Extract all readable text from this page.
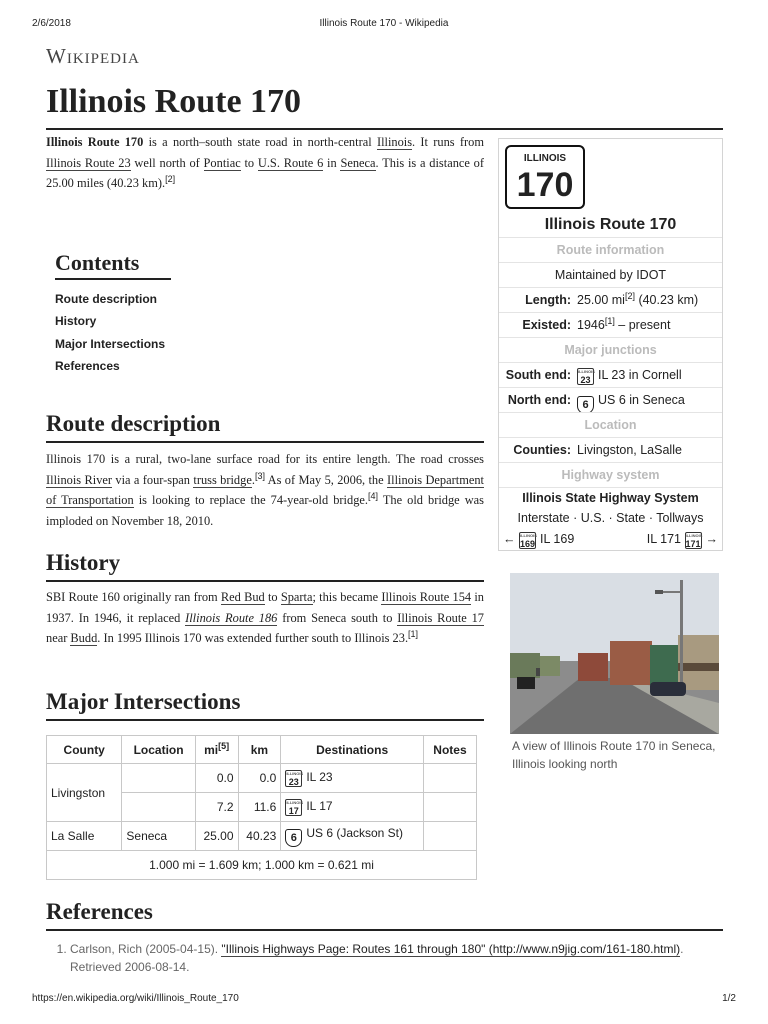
2/6/2018	Illinois Route 170 - Wikipedia
Wikipedia
Illinois Route 170

Illinois Route 170 is a north–south state road in north-central Illinois. It runs from Illinois Route 23 well north of Pontiac to U.S. Route 6 in Seneca. This is a distance of 25.00 miles (40.23 km).[2]

Contents
Route description
History
Major Intersections
References
ILLINOIS
170
Illinois Route 170
Route information
Maintained by IDOT
Length: 25.00 mi[2] (40.23 km)
Existed: 1946[1] – present
Major junctions
South end:	ILLINOIS
23 IL 23 in Cornell
North end:	6 US 6 in Seneca
Location
Counties: Livingston, LaSalle
Highway system
Illinois State Highway System
Interstate · U.S. · State · Tollways
← ILLINOIS
169 IL 169	IL 171 ILLINOIS
171 →
Route description

Illinois 170 is a rural, two-lane surface road for its entire length. The road crosses Illinois River via a four-span truss bridge.[3] As of May 5, 2006, the Illinois Department of Transportation is looking to replace the 74-year-old bridge.[4] The old bridge was imploded on November 18, 2010.

History

SBI Route 160 originally ran from Red Bud to Sparta; this became Illinois Route 154 in 1937. In 1946, it replaced Illinois Route 186 from Seneca south to Illinois Route 17 near Budd. In 1995 Illinois 170 was extended further south to Illinois 23.[1]

A view of Illinois Route 170 in Seneca, Illinois looking north
Major Intersections
County	Location	mi[5]	km	Destinations	Notes
Livingston		0.0	0.0	ILLINOIS
23 IL 23	
		7.2	11.6	ILLINOIS
17 IL 17	
La Salle	Seneca	25.00	40.23	6 US 6 (Jackson St)	
1.000 mi = 1.609 km; 1.000 km = 0.621 mi					
References
1. Carlson, Rich (2005-04-15). "Illinois Highways Page: Routes 161 through 180" (http://www.n9jig.com/161-180.html).
Retrieved 2006-08-14.
https://en.wikipedia.org/wiki/Illinois_Route_170	1/2
